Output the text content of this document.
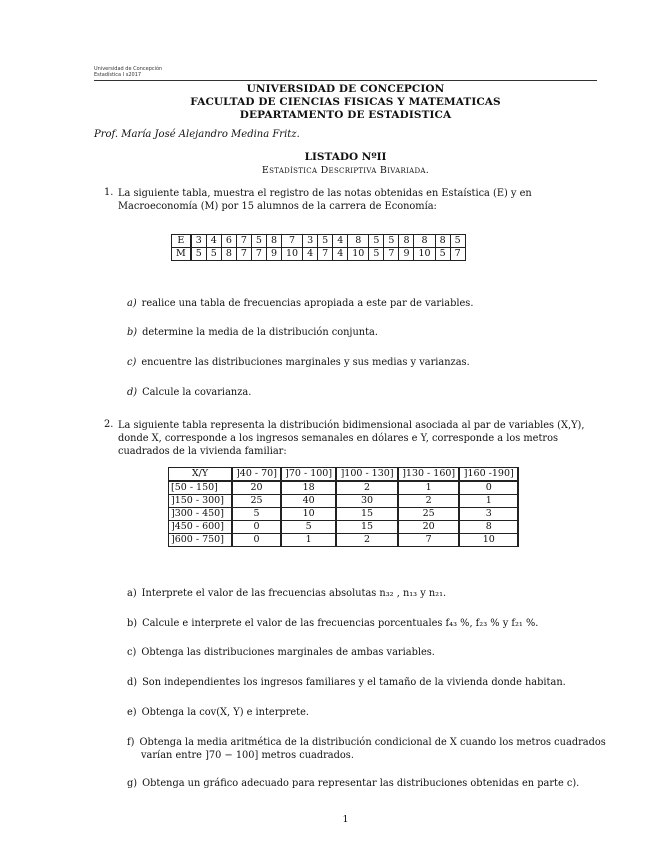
Universidad de Concepción
Estadística I s2017
UNIVERSIDAD DE CONCEPCION
FACULTAD DE CIENCIAS FISICAS Y MATEMATICAS
DEPARTAMENTO DE ESTADISTICA
Prof. María José Alejandro Medina Fritz.
LISTADO NºII
Estadística Descriptiva Bivariada.
1. La siguiente tabla, muestra el registro de las notas obtenidas en Estaística (E) y en Macroeconomía (M) por 15 alumnos de la carrera de Economía:
E	3	4	6	7	5	8	7	3	5	4	8	5	5	8	8	8	5
M	5	5	8	7	7	9	10	4	7	4	10	5	7	9	10	5	7
a) realice una tabla de frecuencias apropiada a este par de variables.
b) determine la media de la distribución conjunta.
c) encuentre las distribuciones marginales y sus medias y varianzas.
d) Calcule la covarianza.
2. La siguiente tabla representa la distribución bidimensional asociada al par de variables (X,Y), donde X, corresponde a los ingresos semanales en dólares e Y, corresponde a los metros cuadrados de la vivienda familiar:
X/Y	]40 - 70]	]70 - 100]	]100 - 130]	]130 - 160]	]160 -190]
[50 - 150]	20	18	2	1	0
]150 - 300]	25	40	30	2	1
]300 - 450]	5	10	15	25	3
]450 - 600]	0	5	15	20	8
]600 - 750]	0	1	2	7	10
a) Interprete el valor de las frecuencias absolutas n₃₂ , n₁₃ y n₂₁.
b) Calcule e interprete el valor de las frecuencias porcentuales f₄₃ %, f₂₃ % y f₂₁ %.
c) Obtenga las distribuciones marginales de ambas variables.
d) Son independientes los ingresos familiares y el tamaño de la vivienda donde habitan.
e) Obtenga la cov(X, Y) e interprete.
f) Obtenga la media aritmética de la distribución condicional de X cuando los metros cuadrados varían entre ]70 − 100] metros cuadrados.
g) Obtenga un gráfico adecuado para representar las distribuciones obtenidas en parte c).
1
